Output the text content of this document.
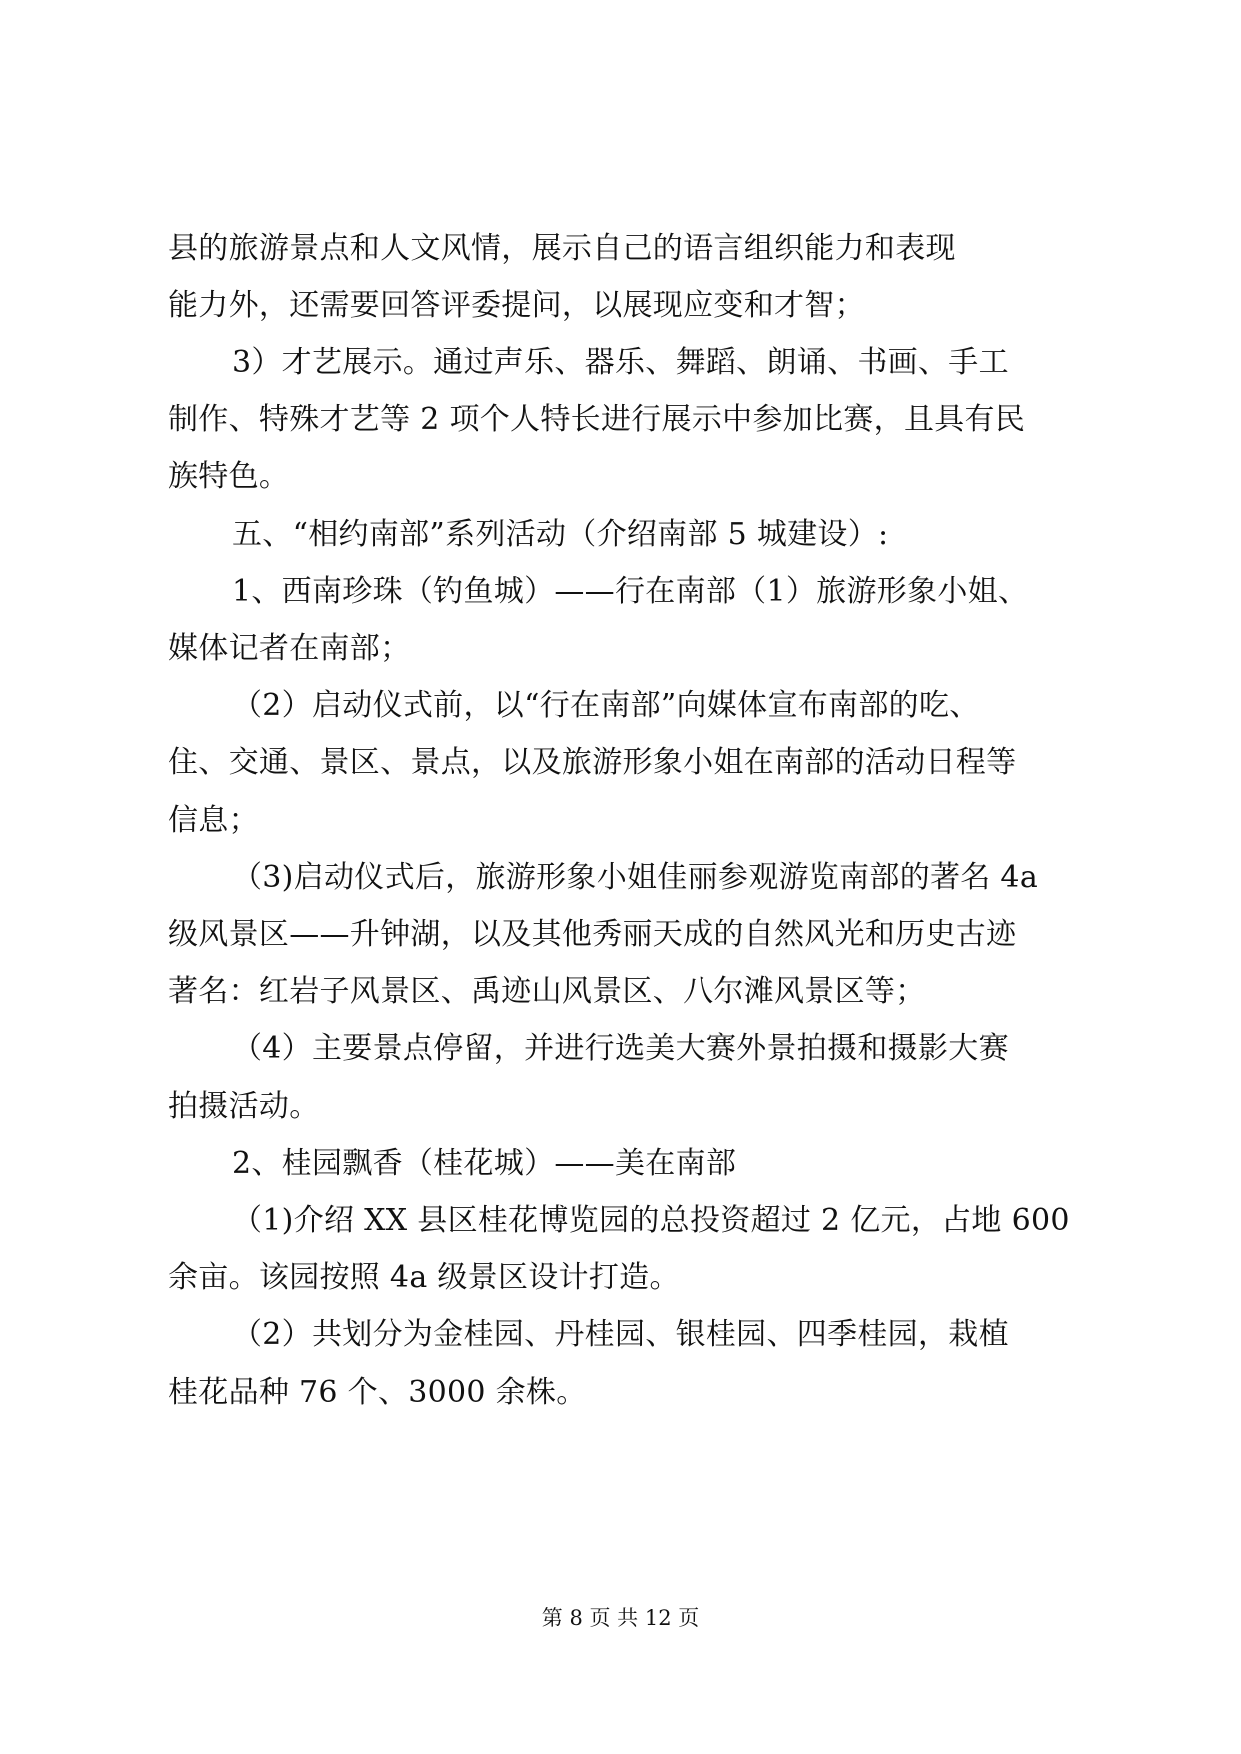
县的旅游景点和人文风情，展示自己的语言组织能力和表现
能力外，还需要回答评委提问，以展现应变和才智；
3）才艺展示。通过声乐、器乐、舞蹈、朗诵、书画、手工
制作、特殊才艺等 2 项个人特长进行展示中参加比赛，且具有民
族特色。
五、“相约南部”系列活动（介绍南部 5 城建设）:
1、西南珍珠（钓鱼城）——行在南部（1）旅游形象小姐、
媒体记者在南部；
（2）启动仪式前，以“行在南部”向媒体宣布南部的吃、
住、交通、景区、景点，以及旅游形象小姐在南部的活动日程等
信息；
（3)启动仪式后，旅游形象小姐佳丽参观游览南部的著名 4a
级风景区——升钟湖，以及其他秀丽天成的自然风光和历史古迹
著名：红岩子风景区、禹迹山风景区、八尔滩风景区等；
（4）主要景点停留，并进行选美大赛外景拍摄和摄影大赛
拍摄活动。
2、桂园飘香（桂花城）——美在南部
（1)介绍 XX 县区桂花博览园的总投资超过 2 亿元，占地 600
余亩。该园按照 4a 级景区设计打造。
（2）共划分为金桂园、丹桂园、银桂园、四季桂园，栽植
桂花品种 76 个、3000 余株。
第 8 页 共 12 页
